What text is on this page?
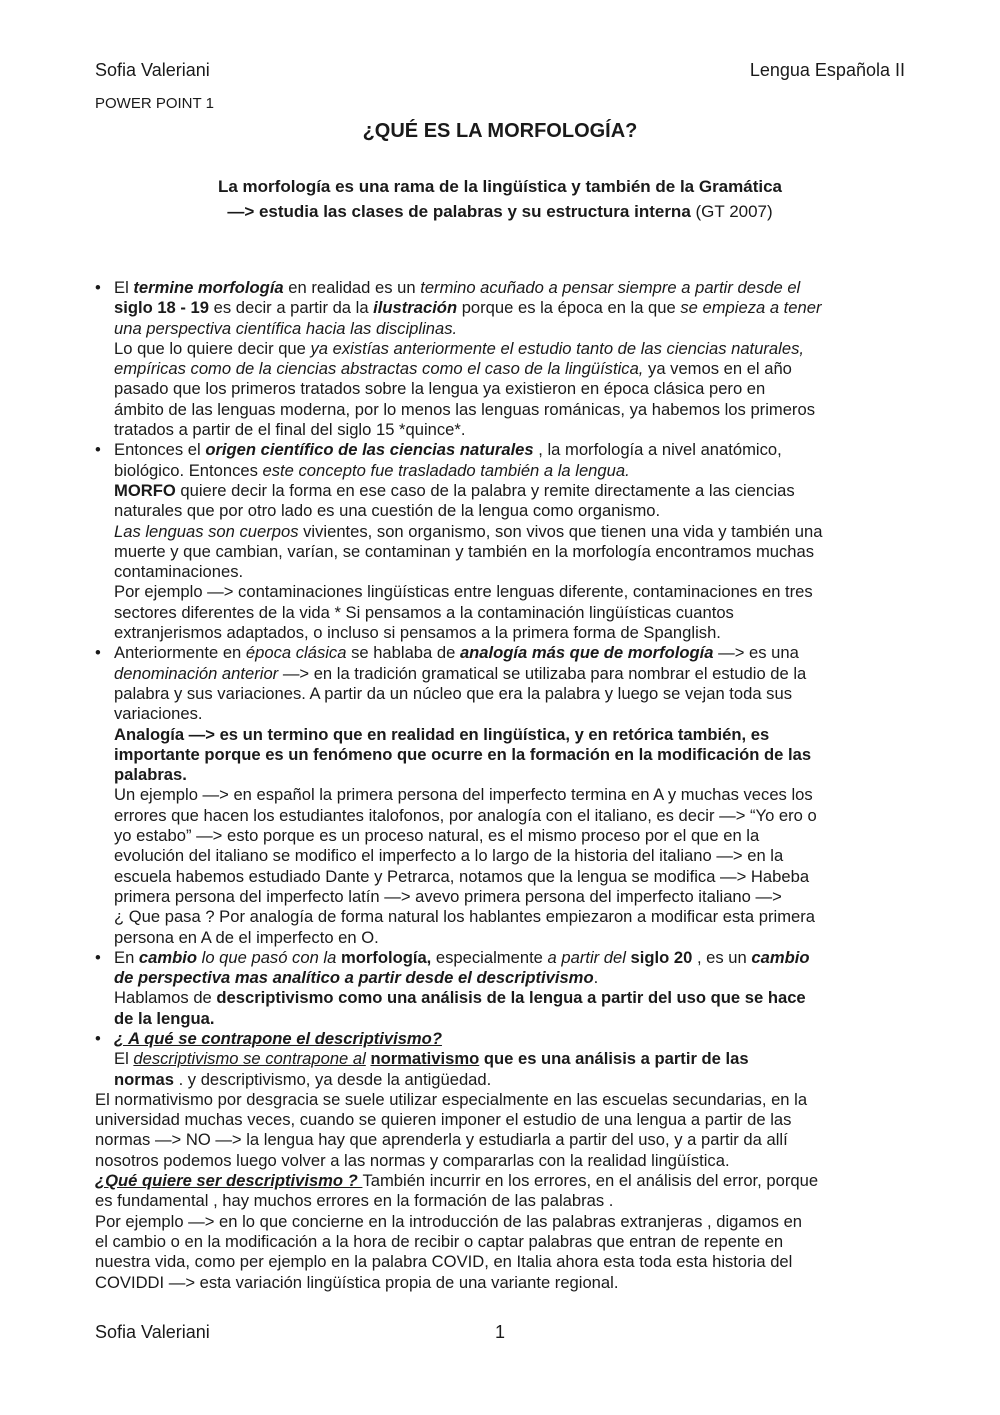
Sofia Valeriani	Lengua Española II
POWER POINT 1
¿QUÉ ES LA MORFOLOGÍA?
La morfología es una rama de la lingüística y también de la Gramática
—> estudia las clases de palabras y su estructura interna (GT 2007)
• El termine morfología en realidad es un termino acuñado a pensar siempre a partir desde el
siglo 18 - 19 es decir a partir da la ilustración porque es la época en la que se empieza a tener
una perspectiva científica hacia las disciplinas.
Lo que lo quiere decir que ya existías anteriormente el estudio tanto de las ciencias naturales,
empíricas como de la ciencias abstractas como el caso de la lingüística, ya vemos en el año
pasado que los primeros tratados sobre la lengua ya existieron en época clásica pero en
ámbito de las lenguas moderna, por lo menos las lenguas románicas, ya habemos los primeros
tratados a partir de el final del siglo 15 *quince*.
• Entonces el origen científico de las ciencias naturales , la morfología a nivel anatómico,
biológico. Entonces este concepto fue trasladado también a la lengua.
MORFO quiere decir la forma en ese caso de la palabra y remite directamente a las ciencias
naturales que por otro lado es una cuestión de la lengua como organismo.
Las lenguas son cuerpos vivientes, son organismo, son vivos que tienen una vida y también una
muerte y que cambian, varían, se contaminan y también en la morfología encontramos muchas
contaminaciones.
Por ejemplo —> contaminaciones lingüísticas entre lenguas diferente, contaminaciones en tres
sectores diferentes de la vida * Si pensamos a la contaminación lingüísticas cuantos
extranjerismos adaptados, o incluso si pensamos a la primera forma de Spanglish.
• Anteriormente en época clásica se hablaba de analogía más que de morfología —> es una
denominación anterior —> en la tradición gramatical se utilizaba para nombrar el estudio de la
palabra y sus variaciones. A partir da un núcleo que era la palabra y luego se vejan toda sus
variaciones.
Analogía —> es un termino que en realidad en lingüística, y en retórica también, es
importante porque es un fenómeno que ocurre en la formación en la modificación de las
palabras.
Un ejemplo —> en español la primera persona del imperfecto termina en A y muchas veces los
errores que hacen los estudiantes italofonos, por analogía con el italiano, es decir —> “Yo ero o
yo estabo” —> esto porque es un proceso natural, es el mismo proceso por el que en la
evolución del italiano se modifico el imperfecto a lo largo de la historia del italiano —> en la
escuela habemos estudiado Dante y Petrarca, notamos que la lengua se modifica —> Habeba
primera persona del imperfecto latín —> avevo primera persona del imperfecto italiano —>
¿ Que pasa ? Por analogía de forma natural los hablantes empiezaron a modificar esta primera
persona en A de el imperfecto en O.
• En cambio lo que pasó con la morfología, especialmente a partir del siglo 20 , es un cambio
de perspectiva mas analítico a partir desde el descriptivismo.
Hablamos de descriptivismo como una análisis de la lengua a partir del uso que se hace
de la lengua.
• ¿ A qué se contrapone el descriptivismo?
El descriptivismo se contrapone al normativismo que es una análisis a partir de las
normas . y descriptivismo, ya desde la antigüedad.
El normativismo por desgracia se suele utilizar especialmente en las escuelas secundarias, en la
universidad muchas veces, cuando se quieren imponer el estudio de una lengua a partir de las
normas —> NO —> la lengua hay que aprenderla y estudiarla a partir del uso, y a partir da allí
nosotros podemos luego volver a las normas y compararlas con la realidad lingüística.
¿Qué quiere ser descriptivismo ? También incurrir en los errores, en el análisis del error, porque
es fundamental , hay muchos errores en la formación de las palabras .
Por ejemplo —> en lo que concierne en la introducción de las palabras extranjeras , digamos en
el cambio o en la modificación a la hora de recibir o captar palabras que entran de repente en
nuestra vida, como per ejemplo en la palabra COVID, en Italia ahora esta toda esta historia del
COVIDDI —> esta variación lingüística propia de una variante regional.
Sofia Valeriani	1
